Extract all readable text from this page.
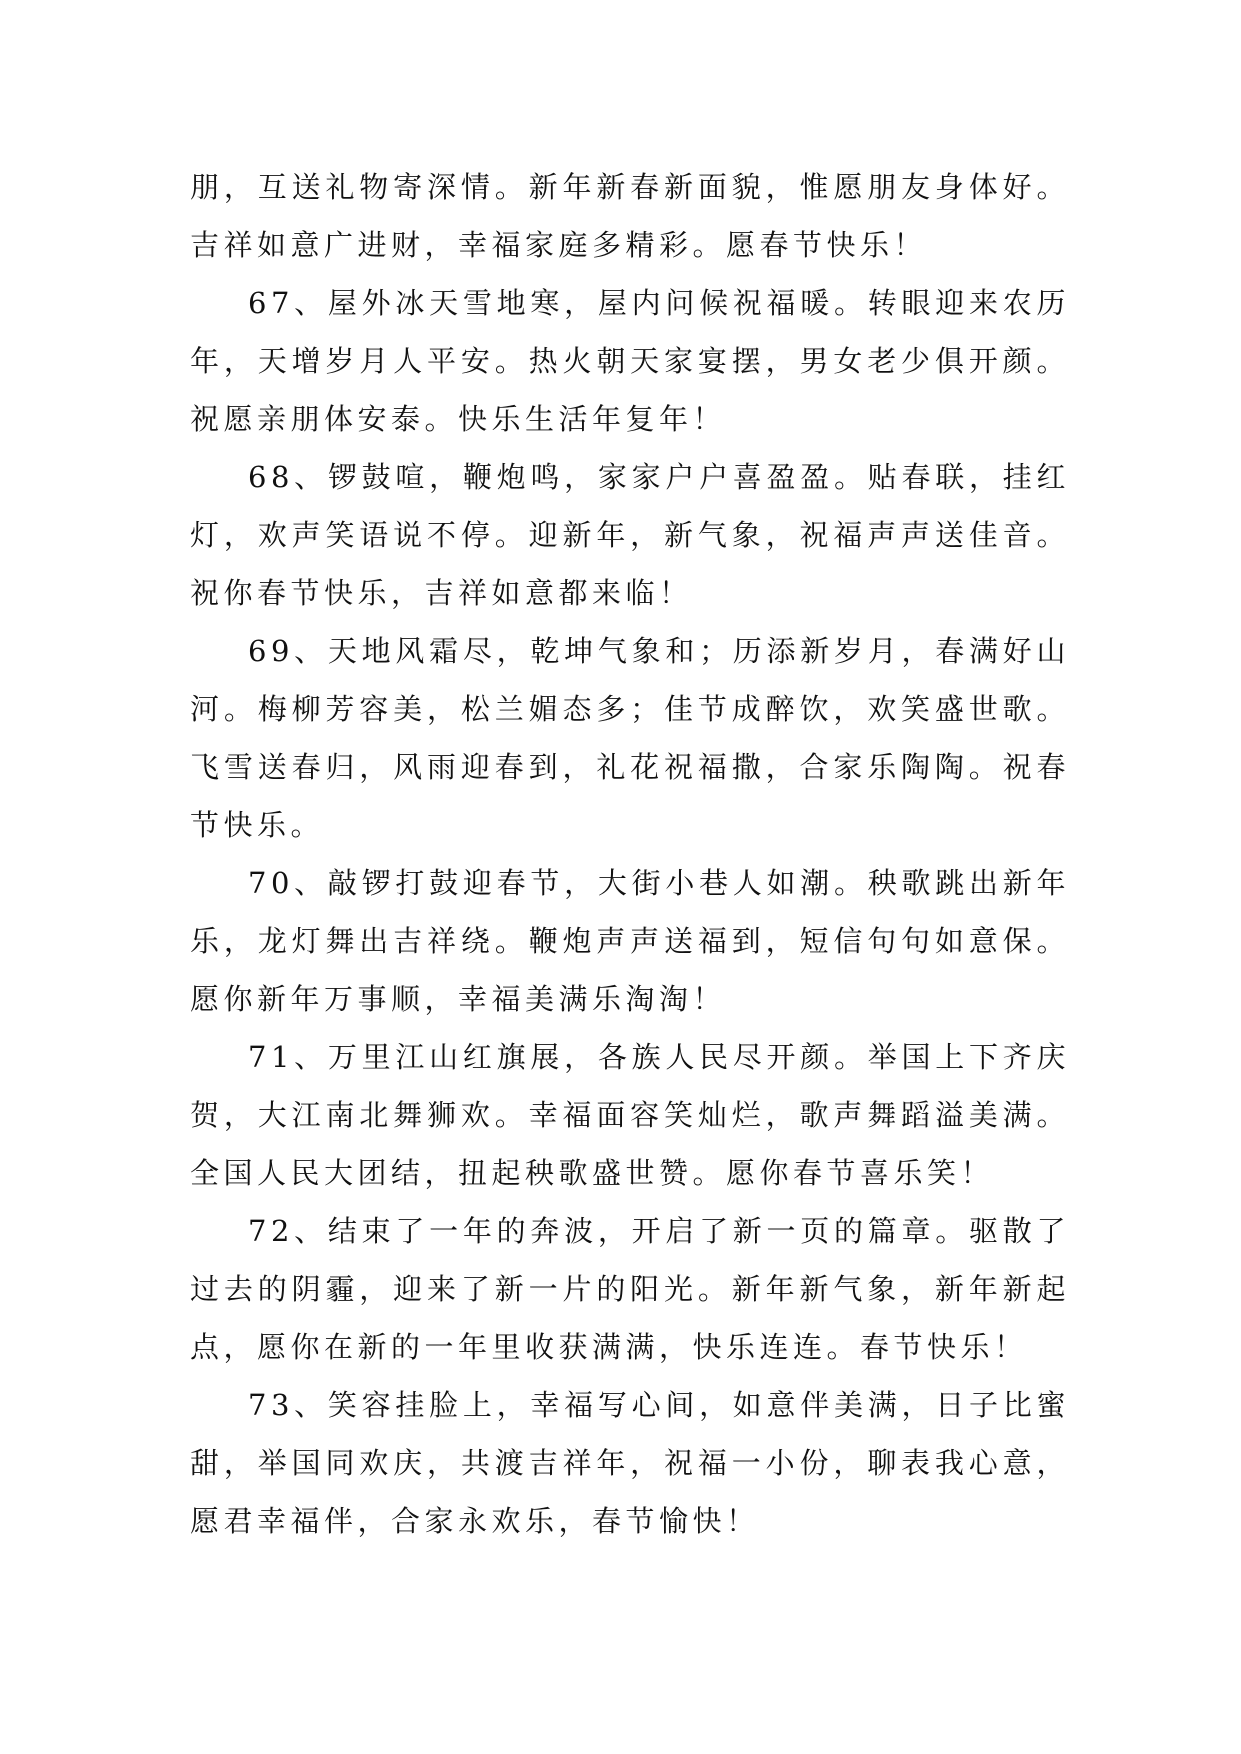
朋，互送礼物寄深情。新年新春新面貌，惟愿朋友身体好。吉祥如意广进财，幸福家庭多精彩。愿春节快乐！

67、屋外冰天雪地寒，屋内问候祝福暖。转眼迎来农历年，天增岁月人平安。热火朝天家宴摆，男女老少俱开颜。祝愿亲朋体安泰。快乐生活年复年！

68、锣鼓喧，鞭炮鸣，家家户户喜盈盈。贴春联，挂红灯，欢声笑语说不停。迎新年，新气象，祝福声声送佳音。祝你春节快乐，吉祥如意都来临！

69、天地风霜尽，乾坤气象和；历添新岁月，春满好山河。梅柳芳容美，松兰媚态多；佳节成醉饮，欢笑盛世歌。飞雪送春归，风雨迎春到，礼花祝福撒，合家乐陶陶。祝春节快乐。

70、敲锣打鼓迎春节，大街小巷人如潮。秧歌跳出新年乐，龙灯舞出吉祥绕。鞭炮声声送福到，短信句句如意保。愿你新年万事顺，幸福美满乐淘淘！

71、万里江山红旗展，各族人民尽开颜。举国上下齐庆贺，大江南北舞狮欢。幸福面容笑灿烂，歌声舞蹈溢美满。全国人民大团结，扭起秧歌盛世赞。愿你春节喜乐笑！

72、结束了一年的奔波，开启了新一页的篇章。驱散了过去的阴霾，迎来了新一片的阳光。新年新气象，新年新起点，愿你在新的一年里收获满满，快乐连连。春节快乐！

73、笑容挂脸上，幸福写心间，如意伴美满，日子比蜜甜，举国同欢庆，共渡吉祥年，祝福一小份，聊表我心意，愿君幸福伴，合家永欢乐，春节愉快！
